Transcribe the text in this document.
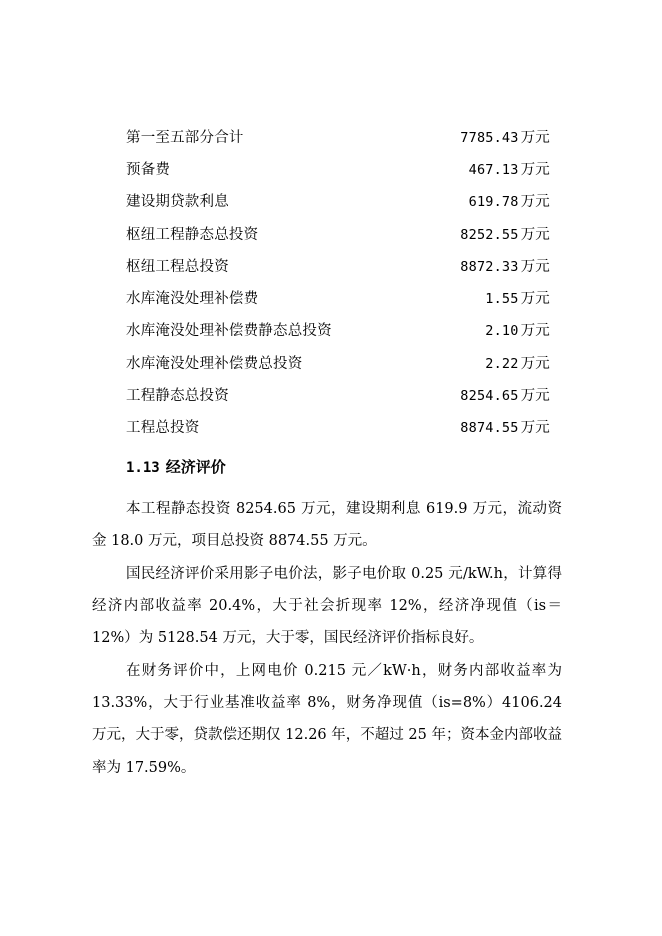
第一至五部分合计	7785.43 万元
预备费	467.13 万元
建设期贷款利息	619.78 万元
枢纽工程静态总投资	8252.55 万元
枢纽工程总投资	8872.33 万元
水库淹没处理补偿费	1.55 万元
水库淹没处理补偿费静态总投资	2.10 万元
水库淹没处理补偿费总投资	2.22 万元
工程静态总投资	8254.65 万元
工程总投资	8874.55 万元
1.13 经济评价

本工程静态投资 8254.65 万元，建设期利息 619.9 万元，流动资金 18.0 万元，项目总投资 8874.55 万元。

国民经济评价采用影子电价法，影子电价取 0.25 元/kW.h，计算得经济内部收益率 20.4%，大于社会折现率 12%，经济净现值（is＝12%）为 5128.54 万元，大于零，国民经济评价指标良好。

在财务评价中，上网电价 0.215 元／kW·h，财务内部收益率为 13.33%，大于行业基准收益率 8%，财务净现值（is=8%）4106.24 万元，大于零，贷款偿还期仅 12.26 年，不超过 25 年；资本金内部收益率为 17.59%。
